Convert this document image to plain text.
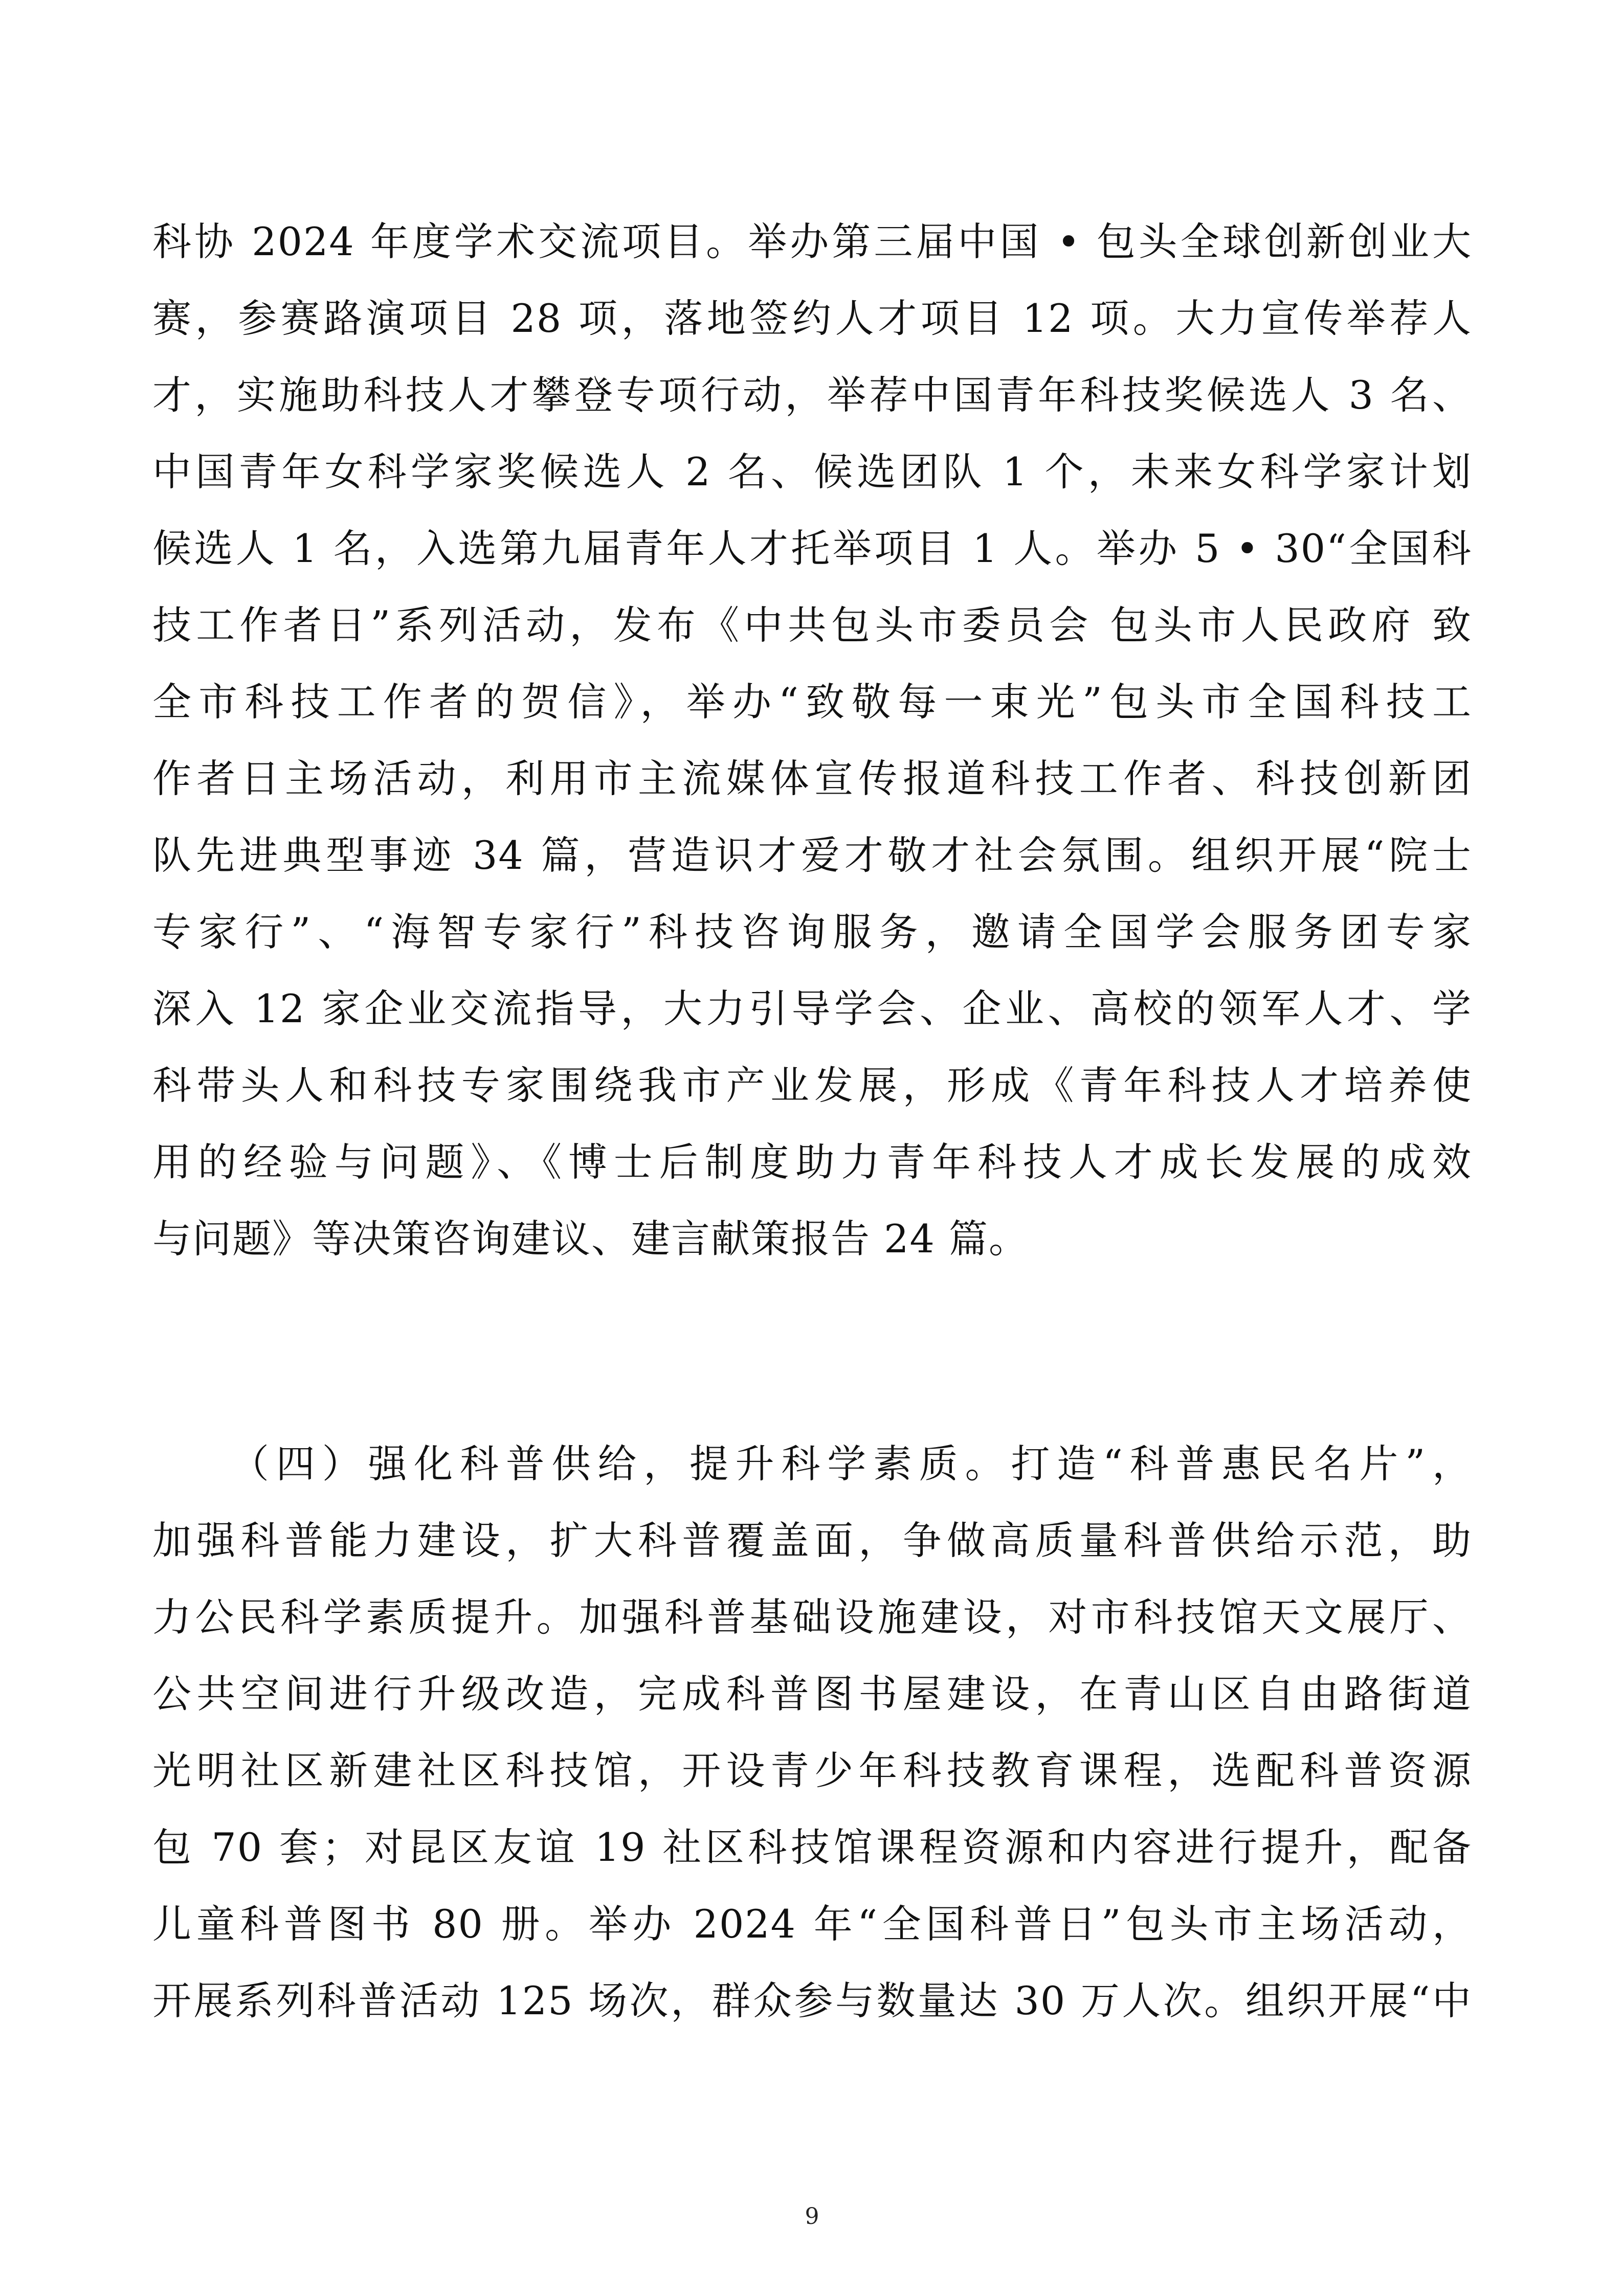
科协 2024 年度学术交流项目。举办第三届中国 • 包头全球创新创业大
赛，参赛路演项目 28 项，落地签约人才项目 12 项。大力宣传举荐人
才，实施助科技人才攀登专项行动，举荐中国青年科技奖候选人 3 名、
中国青年女科学家奖候选人 2 名、候选团队 1 个，未来女科学家计划
候选人 1 名，入选第九届青年人才托举项目 1 人。举办 5 • 30“全国科
技工作者日”系列活动，发布《中共包头市委员会 包头市人民政府 致
全市科技工作者的贺信》，举办“致敬每一束光”包头市全国科技工
作者日主场活动，利用市主流媒体宣传报道科技工作者、科技创新团
队先进典型事迹 34 篇，营造识才爱才敬才社会氛围。组织开展“院士
专家行”、“海智专家行”科技咨询服务，邀请全国学会服务团专家
深入 12 家企业交流指导，大力引导学会、企业、高校的领军人才、学
科带头人和科技专家围绕我市产业发展，形成《青年科技人才培养使
用的经验与问题》、《博士后制度助力青年科技人才成长发展的成效
与问题》等决策咨询建议、建言献策报告 24 篇。
（四）强化科普供给，提升科学素质。打造“科普惠民名片”，
加强科普能力建设，扩大科普覆盖面，争做高质量科普供给示范，助
力公民科学素质提升。加强科普基础设施建设，对市科技馆天文展厅、
公共空间进行升级改造，完成科普图书屋建设，在青山区自由路街道
光明社区新建社区科技馆，开设青少年科技教育课程，选配科普资源
包 70 套；对昆区友谊 19 社区科技馆课程资源和内容进行提升，配备
儿童科普图书 80 册。举办 2024 年“全国科普日”包头市主场活动，
开展系列科普活动 125 场次，群众参与数量达 30 万人次。组织开展“中
9
